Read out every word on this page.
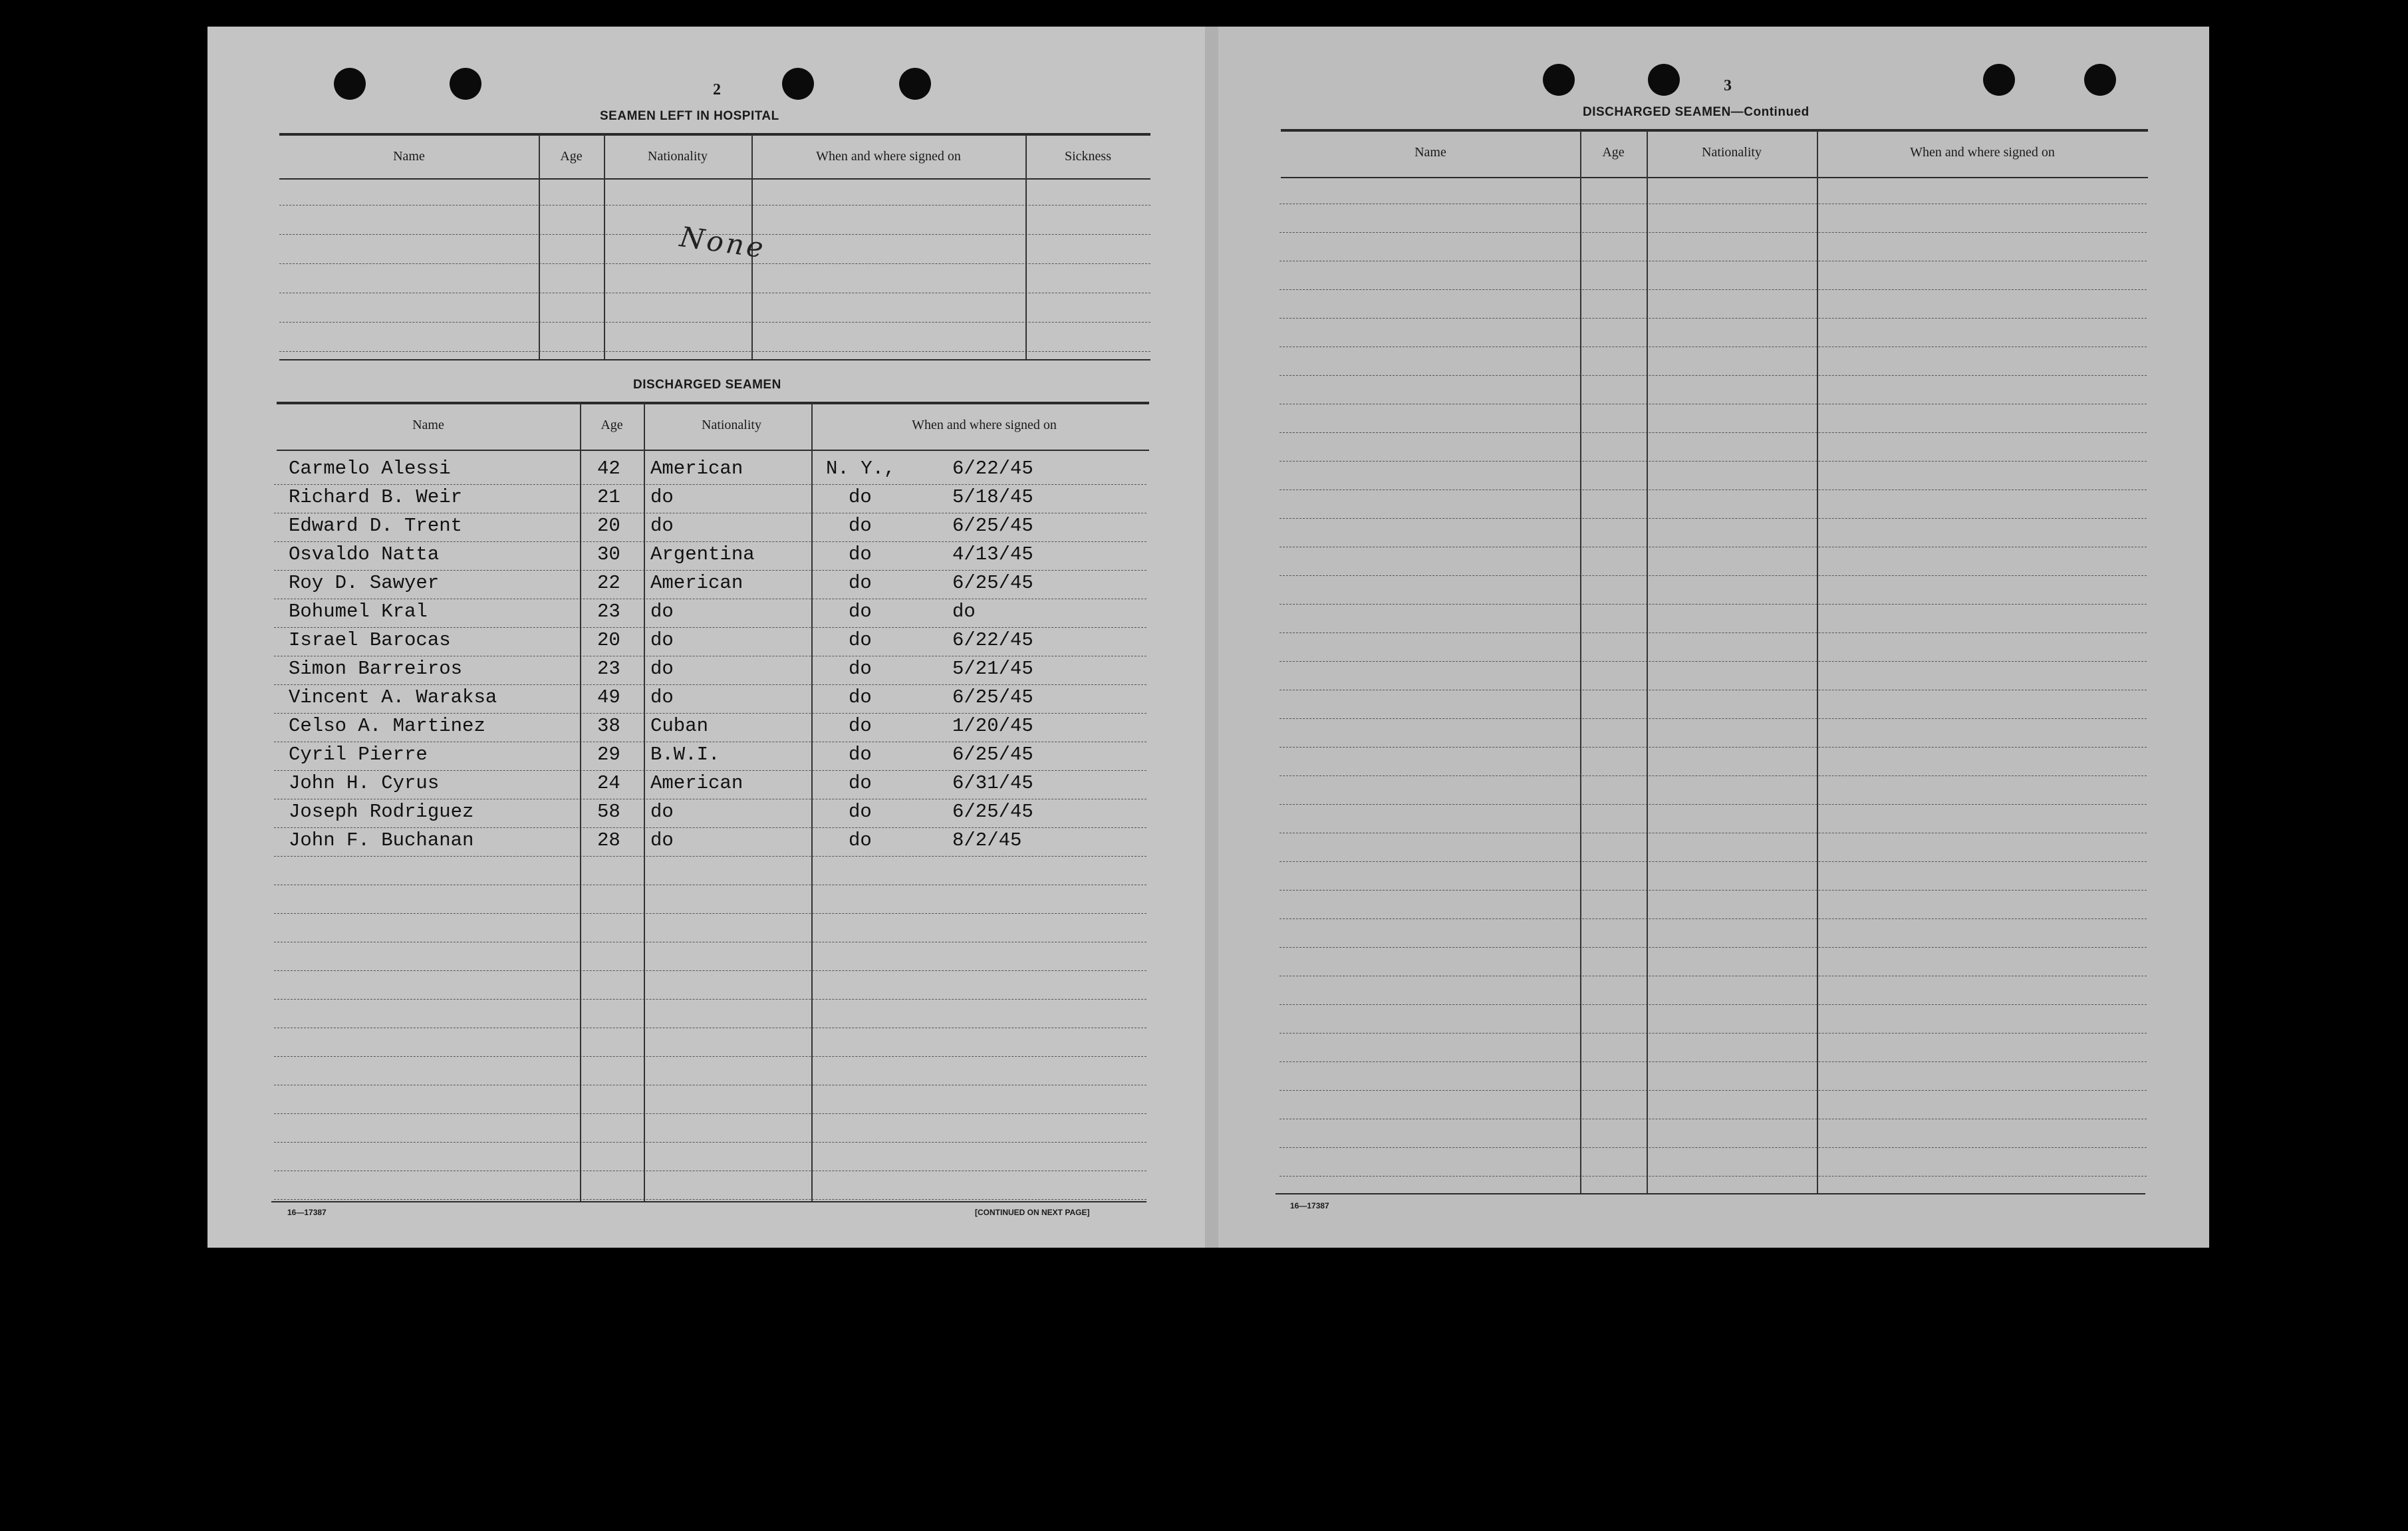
2
SEAMEN LEFT IN HOSPITAL
Name	Age	Nationality	When and where signed on	Sickness
None
DISCHARGED SEAMEN
Name	Age	Nationality	When and where signed on
Carmelo Alessi	42 American	N. Y.,	6/22/45
Richard B. Weir	21 do	do	5/18/45
Edward D. Trent	20 do	do	6/25/45
Osvaldo Natta	30 Argentina	do	4/13/45
Roy D. Sawyer	22 American	do	6/25/45
Bohumel Kral	23 do	do	do
Israel Barocas	20 do	do	6/22/45
Simon Barreiros	23 do	do	5/21/45
Vincent A. Waraksa	49 do	do	6/25/45
Celso A. Martinez	38 Cuban	do	1/20/45
Cyril Pierre	29 B.W.I.	do	6/25/45
John H. Cyrus	24 American	do	6/31/45
Joseph Rodriguez	58 do	do	6/25/45
John F. Buchanan	28 do	do	8/2/45
16—17387	[CONTINUED ON NEXT PAGE]
3
DISCHARGED SEAMEN—Continued
Name	Age	Nationality	When and where signed on
16—17387
